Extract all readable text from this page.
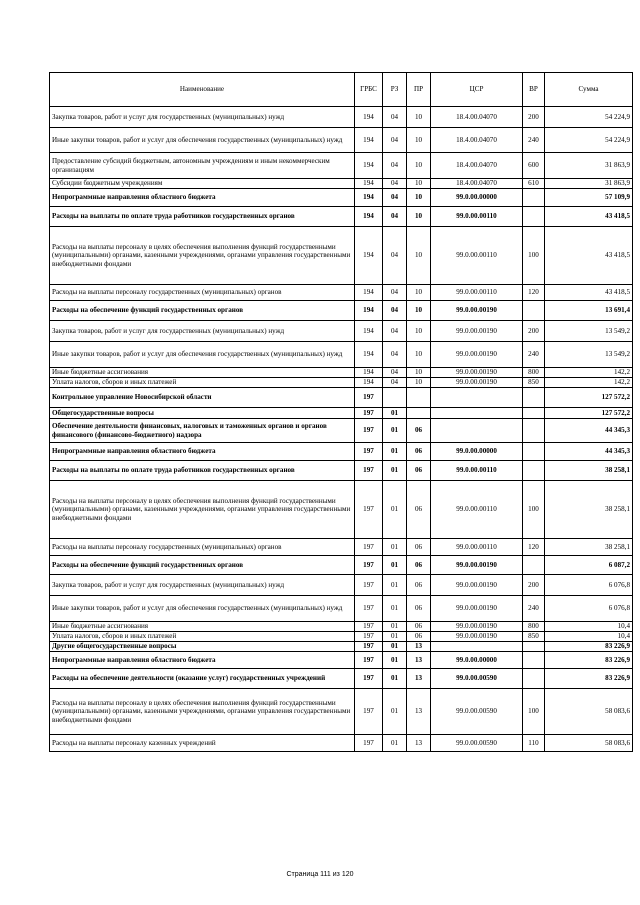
Наименование	ГРБС	РЗ	ПР	ЦСР	ВР	Сумма
Закупка товаров, работ и услуг для государственных (муниципальных) нужд	194	04	10	18.4.00.04070	200	54 224,9
Иные закупки товаров, работ и услуг для обеспечения государственных (муниципальных) нужд	194	04	10	18.4.00.04070	240	54 224,9
Предоставление субсидий бюджетным, автономным учреждениям и иным некоммерческим организациям	194	04	10	18.4.00.04070	600	31 863,9
Субсидии бюджетным учреждениям	194	04	10	18.4.00.04070	610	31 863,9
Непрограммные направления областного бюджета	194	04	10	99.0.00.00000		57 109,9
Расходы на выплаты по оплате труда работников государственных органов	194	04	10	99.0.00.00110		43 418,5
Расходы на выплаты персоналу в целях обеспечения выполнения функций государственными (муниципальными) органами, казенными учреждениями, органами управления государственными внебюджетными фондами	194	04	10	99.0.00.00110	100	43 418,5
Расходы на выплаты персоналу государственных (муниципальных) органов	194	04	10	99.0.00.00110	120	43 418,5
Расходы на обеспечение функций государственных органов	194	04	10	99.0.00.00190		13 691,4
Закупка товаров, работ и услуг для государственных (муниципальных) нужд	194	04	10	99.0.00.00190	200	13 549,2
Иные закупки товаров, работ и услуг для обеспечения государственных (муниципальных) нужд	194	04	10	99.0.00.00190	240	13 549,2
Иные бюджетные ассигнования	194	04	10	99.0.00.00190	800	142,2
Уплата налогов, сборов и иных платежей	194	04	10	99.0.00.00190	850	142,2
Контрольное управление Новосибирской области	197					127 572,2
Общегосударственные вопросы	197	01				127 572,2
Обеспечение деятельности финансовых, налоговых и таможенных органов и органов финансового (финансово-бюджетного) надзора	197	01	06			44 345,3
Непрограммные направления областного бюджета	197	01	06	99.0.00.00000		44 345,3
Расходы на выплаты по оплате труда работников государственных органов	197	01	06	99.0.00.00110		38 258,1
Расходы на выплаты персоналу в целях обеспечения выполнения функций государственными (муниципальными) органами, казенными учреждениями, органами управления государственными внебюджетными фондами	197	01	06	99.0.00.00110	100	38 258,1
Расходы на выплаты персоналу государственных (муниципальных) органов	197	01	06	99.0.00.00110	120	38 258,1
Расходы на обеспечение функций государственных органов	197	01	06	99.0.00.00190		6 087,2
Закупка товаров, работ и услуг для государственных (муниципальных) нужд	197	01	06	99.0.00.00190	200	6 076,8
Иные закупки товаров, работ и услуг для обеспечения государственных (муниципальных) нужд	197	01	06	99.0.00.00190	240	6 076,8
Иные бюджетные ассигнования	197	01	06	99.0.00.00190	800	10,4
Уплата налогов, сборов и иных платежей	197	01	06	99.0.00.00190	850	10,4
Другие общегосударственные вопросы	197	01	13			83 226,9
Непрограммные направления областного бюджета	197	01	13	99.0.00.00000		83 226,9
Расходы на обеспечение деятельности (оказание услуг) государственных учреждений	197	01	13	99.0.00.00590		83 226,9
Расходы на выплаты персоналу в целях обеспечения выполнения функций государственными (муниципальными) органами, казенными учреждениями, органами управления государственными внебюджетными фондами	197	01	13	99.0.00.00590	100	58 083,6
Расходы на выплаты персоналу казенных учреждений	197	01	13	99.0.00.00590	110	58 083,6
Страница 111 из 120
